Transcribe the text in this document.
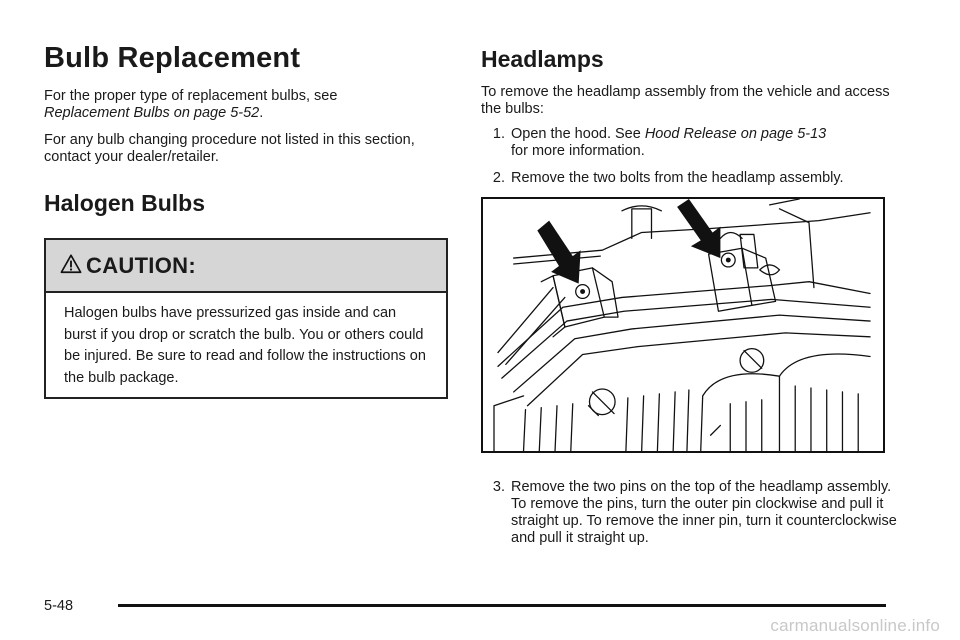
Bulb Replacement

For the proper type of replacement bulbs, see
Replacement Bulbs on page 5-52.

For any bulb changing procedure not listed in this section, contact your dealer/retailer.

Halogen Bulbs
CAUTION:
Halogen bulbs have pressurized gas inside and can burst if you drop or scratch the bulb. You or others could be injured. Be sure to read and follow the instructions on the bulb package.
Headlamps

To remove the headlamp assembly from the vehicle and access the bulbs:

1. Open the hood. See Hood Release on page 5-13
for more information.
2. Remove the two bolts from the headlamp assembly.
3. Remove the two pins on the top of the headlamp assembly. To remove the pins, turn the outer pin clockwise and pull it straight up. To remove the inner pin, turn it counterclockwise and pull it straight up.
5-48
carmanualsonline.info
